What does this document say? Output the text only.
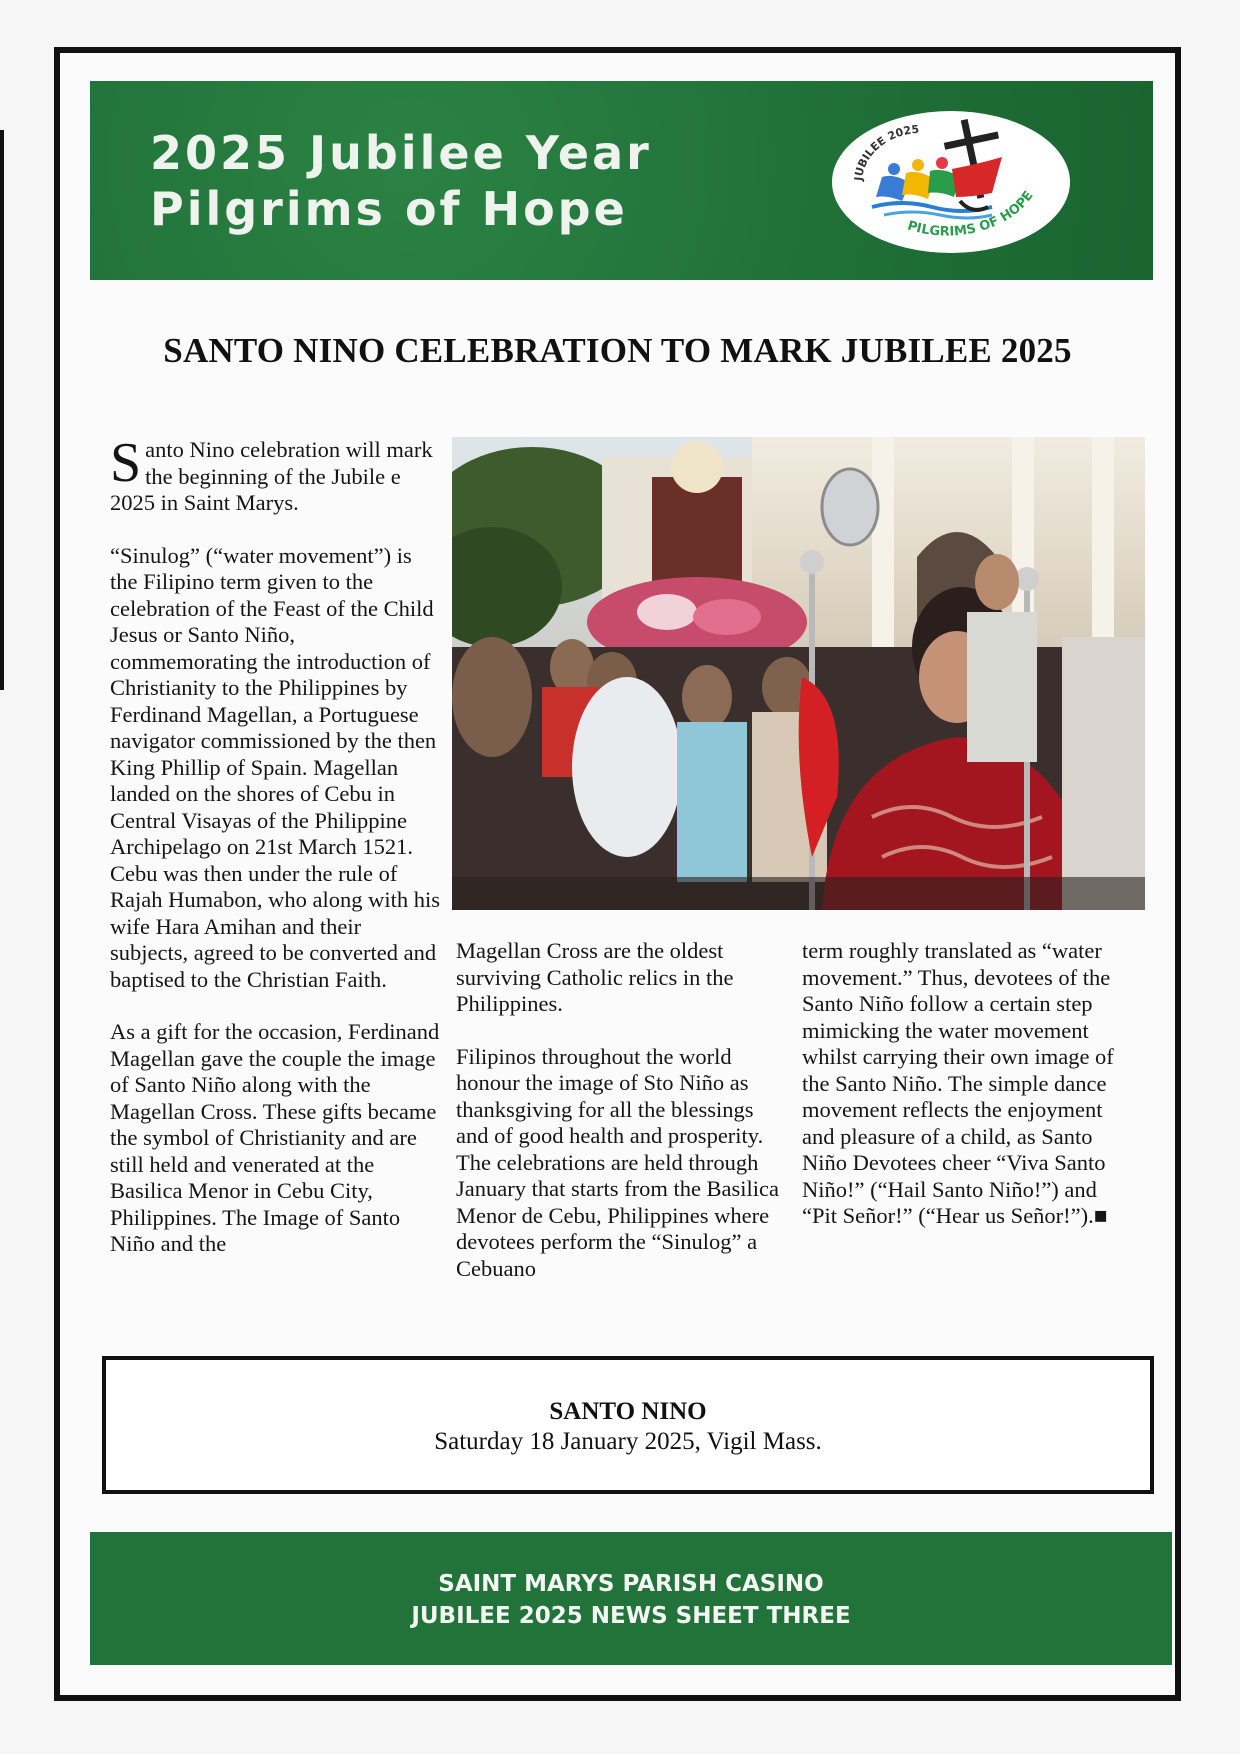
2025 Jubilee Year
Pilgrims of Hope
JUBILEE 2025
PILGRIMS OF HOPE
SANTO NINO CELEBRATION TO MARK JUBILEE 2025

Santo Nino celebration will mark the beginning of the Jubile e 2025 in Saint Marys.

“Sinulog” (“water movement”) is the Filipino term given to the celebration of the Feast of the Child Jesus or Santo Niño, commemorating the introduction of Christianity to the Philippines by Ferdinand Magellan, a Portuguese navigator commissioned by the then King Phillip of Spain. Magellan landed on the shores of Cebu in Central Visayas of the Philippine Archipelago on 21st March 1521. Cebu was then under the rule of Rajah Humabon, who along with his wife Hara Amihan and their subjects, agreed to be converted and baptised to the Christian Faith.

As a gift for the occasion, Ferdinand Magellan gave the couple the image of Santo Niño along with the Magellan Cross. These gifts became the symbol of Christianity and are still held and venerated at the Basilica Menor in Cebu City, Philippines. The Image of Santo Niño and the

Magellan Cross are the oldest surviving Catholic relics in the Philippines.

Filipinos throughout the world honour the image of Sto Niño as thanksgiving for all the blessings and of good health and prosperity. The celebrations are held through January that starts from the Basilica Menor de Cebu, Philippines where devotees perform the “Sinulog” a Cebuano

term roughly translated as “water movement.” Thus, devotees of the Santo Niño follow a certain step mimicking the water movement whilst carrying their own image of the Santo Niño. The simple dance movement reflects the enjoyment and pleasure of a child, as Santo Niño Devotees cheer “Viva Santo Niño!” (“Hail Santo Niño!”) and “Pit Señor!” (“Hear us Señor!”).■

SANTO NINO
Saturday 18 January 2025, Vigil Mass.
SAINT MARYS PARISH CASINO
JUBILEE 2025 NEWS SHEET THREE
